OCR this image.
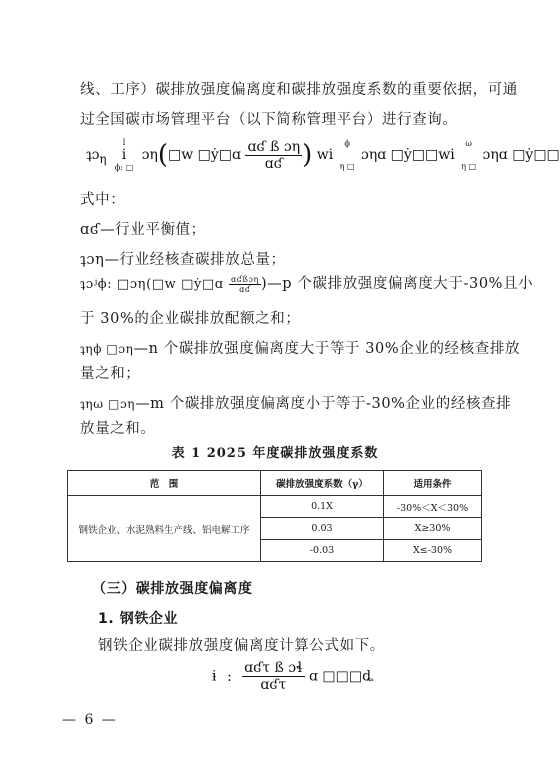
线、工序）碳排放强度偏离度和碳排放强度系数的重要依据，可通
过全国碳市场管理平台（以下简称管理平台）进行查询。
ʇɔ$_\eta$
l
i
ϕ: □
ɔη(□w □ẏ□ɑ $\frac{\text{ɑʛ ß ɔη}}{\text{ɑʛ}}$ ) wi
ϕ

η □
ɔηɑ □ẏ□□wi
ω

η □
ɔηɑ □ẏ□□
式中：
ɑʛ—行业平衡值；
ʇɔη—行业经核查碳排放总量；
ʇɔʲϕ: □ɔη(□w □ẏ□ɑ $\frac{\text{ɑʛßɔη}}{\text{ɑʛ}}$ )—p 个碳排放强度偏离度大于-30%且小
于 30%的企业碳排放配额之和；
ʇηϕ □ɔη—n 个碳排放强度偏离度大于等于 30%企业的经核查排放
量之和；
ʇηω □ɔη—m 个碳排放强度偏离度小于等于-30%企业的经核查排
放量之和。
表 1 2025 年度碳排放强度系数
范　围	碳排放强度系数（γ）	适用条件
钢铁企业、水泥熟料生产线、铝电解工序	0.1X	-30%＜X＜30%
	0.03	X≥30%
	-0.03	X≤-30%
（三）碳排放强度偏离度
1. 钢铁企业
钢铁企业碳排放强度偏离度计算公式如下。
ɨ : $\frac{\text{ɑʛτ ß ɔɬ}}{\text{ɑʛτ}}$ ɑ □□□ȡ
— 6 —
